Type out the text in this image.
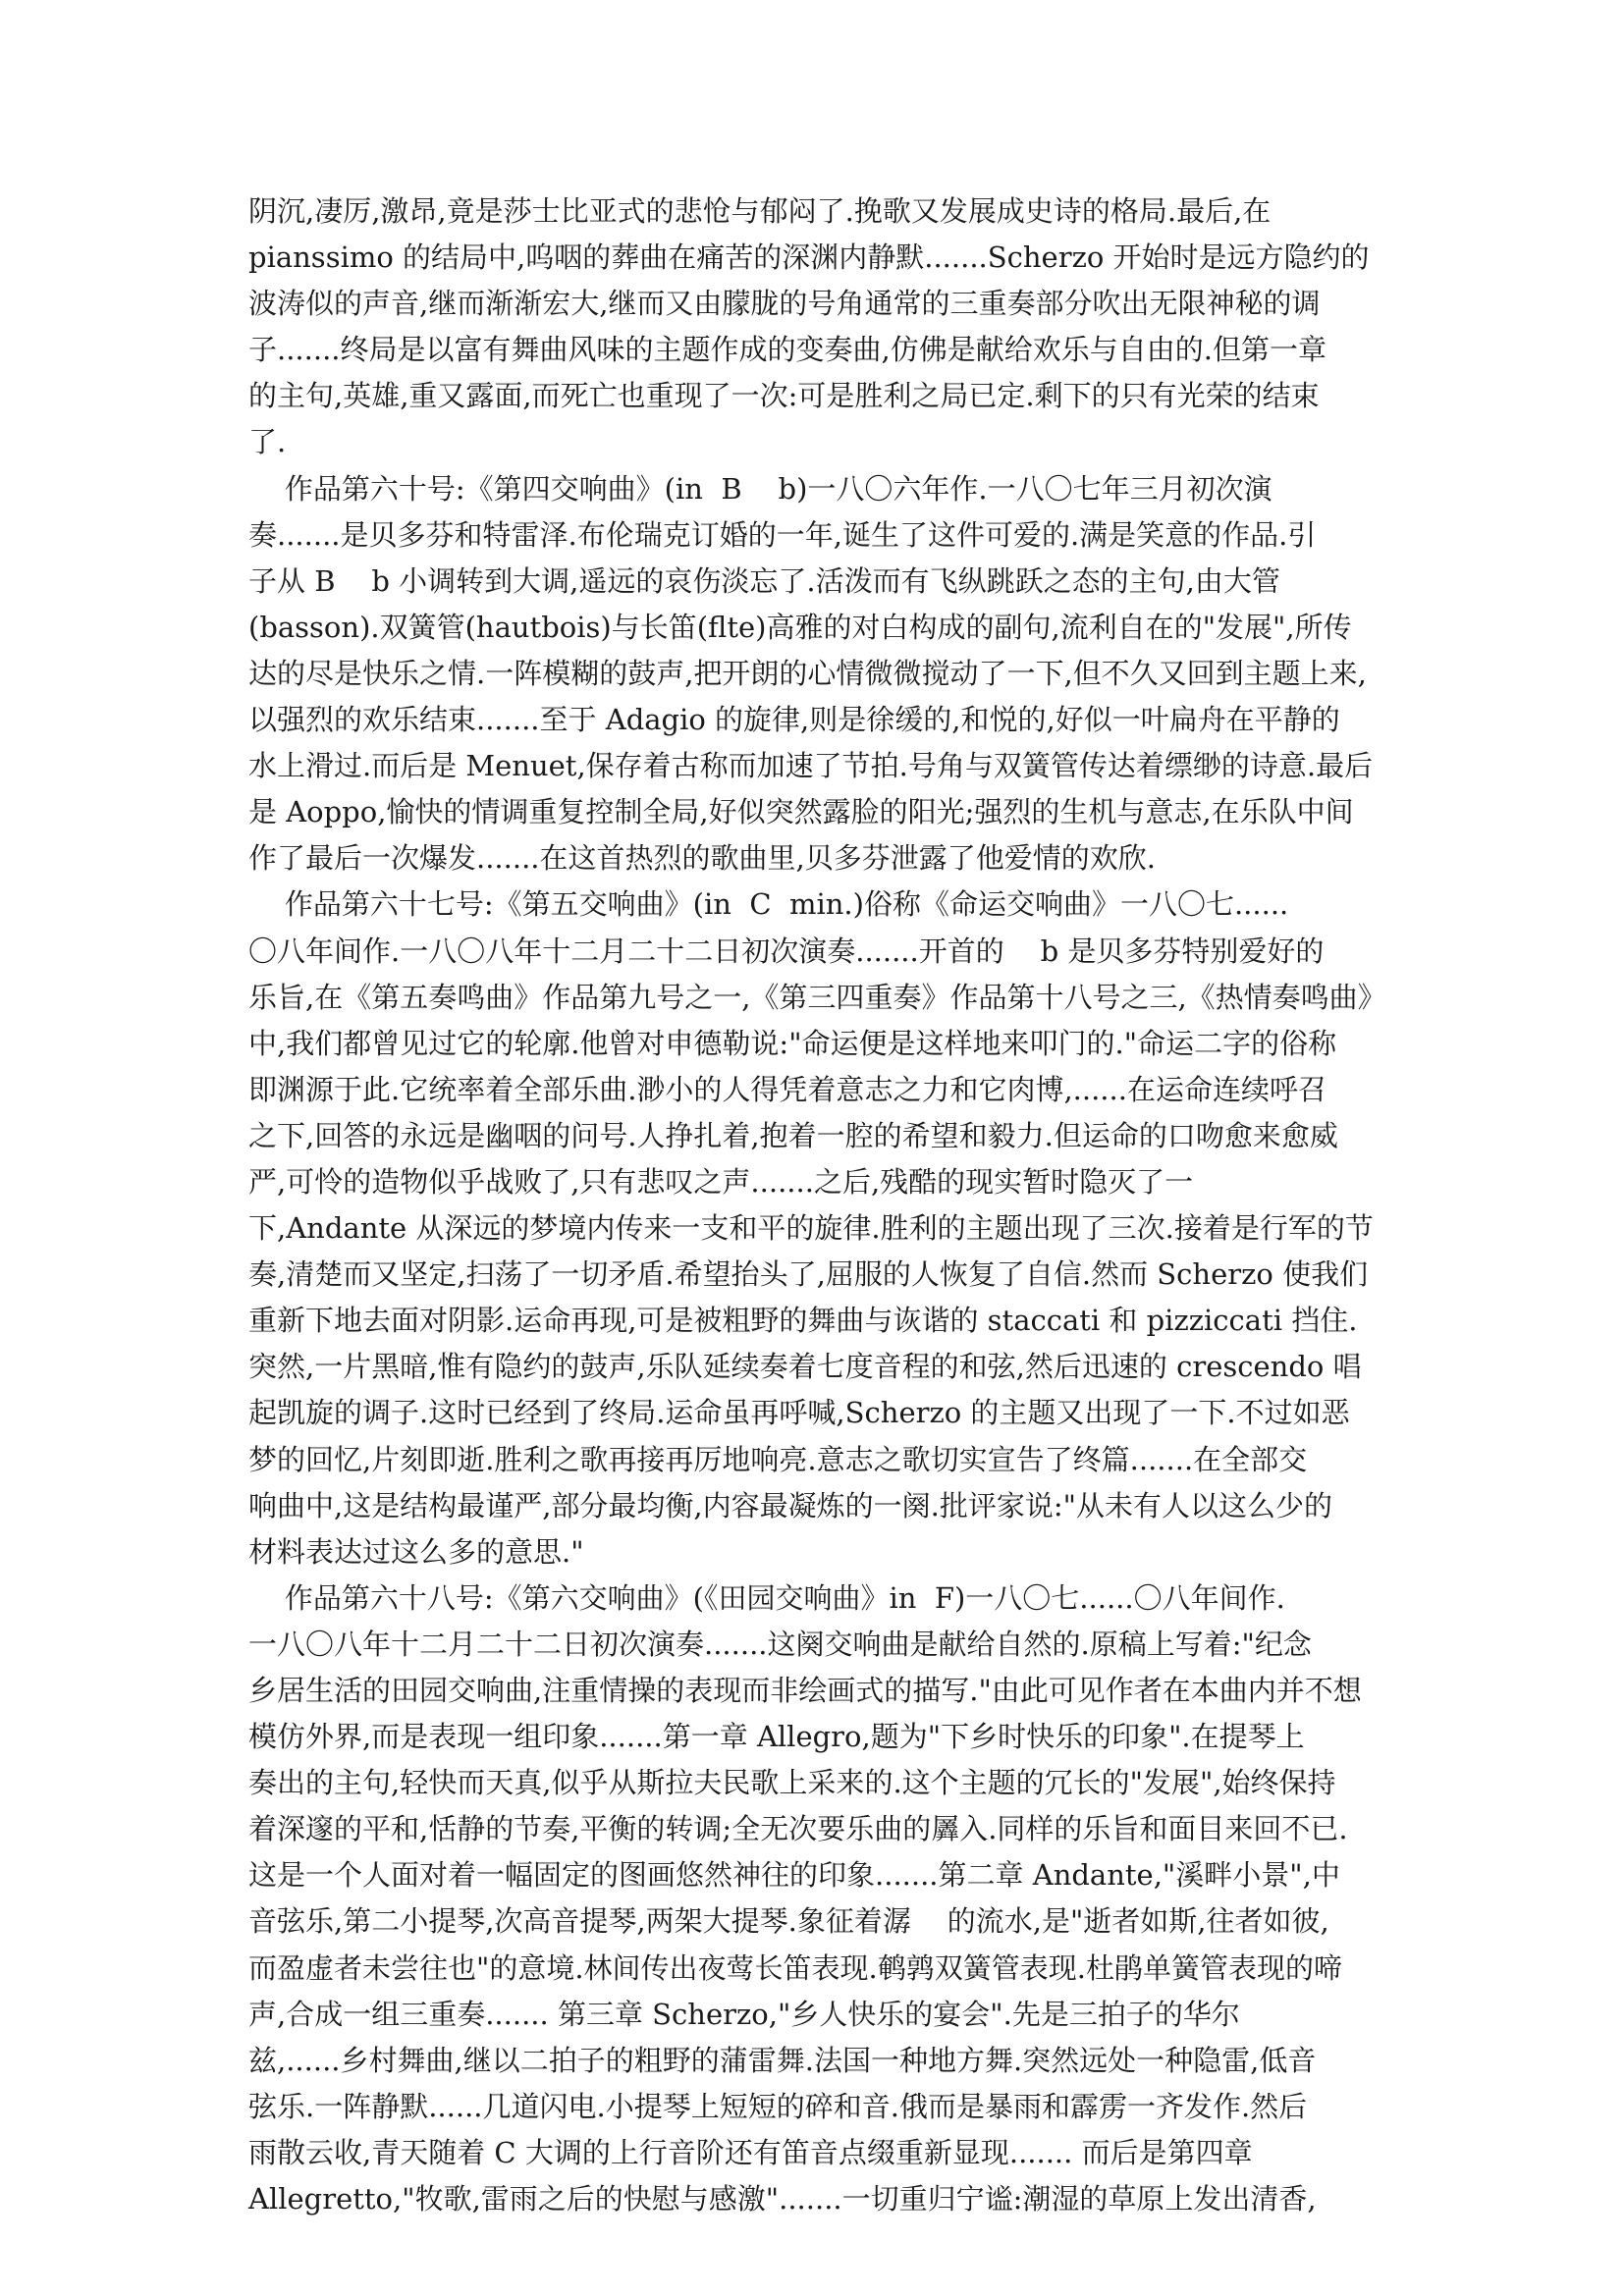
阴沉,凄厉,激昂,竟是莎士比亚式的悲怆与郁闷了.挽歌又发展成史诗的格局.最后,在
pianssimo 的结局中,呜咽的葬曲在痛苦的深渊内静默.......Scherzo 开始时是远方隐约的
波涛似的声音,继而渐渐宏大,继而又由朦胧的号角通常的三重奏部分吹出无限神秘的调
子.......终局是以富有舞曲风味的主题作成的变奏曲,仿佛是献给欢乐与自由的.但第一章
的主句,英雄,重又露面,而死亡也重现了一次:可是胜利之局已定.剩下的只有光荣的结束
了.
作品第六十号:《第四交响曲》(in  B    b)一八〇六年作.一八〇七年三月初次演
奏.......是贝多芬和特雷泽.布伦瑞克订婚的一年,诞生了这件可爱的.满是笑意的作品.引
子从 B    b 小调转到大调,遥远的哀伤淡忘了.活泼而有飞纵跳跃之态的主句,由大管
(basson).双簧管(hautbois)与长笛(flte)高雅的对白构成的副句,流利自在的"发展",所传
达的尽是快乐之情.一阵模糊的鼓声,把开朗的心情微微搅动了一下,但不久又回到主题上来,
以强烈的欢乐结束.......至于 Adagio 的旋律,则是徐缓的,和悦的,好似一叶扁舟在平静的
水上滑过.而后是 Menuet,保存着古称而加速了节拍.号角与双簧管传达着缥缈的诗意.最后
是 Aoppo,愉快的情调重复控制全局,好似突然露脸的阳光;强烈的生机与意志,在乐队中间
作了最后一次爆发.......在这首热烈的歌曲里,贝多芬泄露了他爱情的欢欣.
作品第六十七号:《第五交响曲》(in  C  min.)俗称《命运交响曲》一八〇七......
〇八年间作.一八〇八年十二月二十二日初次演奏.......开首的    b 是贝多芬特别爱好的
乐旨,在《第五奏鸣曲》作品第九号之一,《第三四重奏》作品第十八号之三,《热情奏鸣曲》
中,我们都曾见过它的轮廓.他曾对申德勒说:"命运便是这样地来叩门的."命运二字的俗称
即渊源于此.它统率着全部乐曲.渺小的人得凭着意志之力和它肉博,......在运命连续呼召
之下,回答的永远是幽咽的问号.人挣扎着,抱着一腔的希望和毅力.但运命的口吻愈来愈威
严,可怜的造物似乎战败了,只有悲叹之声.......之后,残酷的现实暂时隐灭了一
下,Andante 从深远的梦境内传来一支和平的旋律.胜利的主题出现了三次.接着是行军的节
奏,清楚而又坚定,扫荡了一切矛盾.希望抬头了,屈服的人恢复了自信.然而 Scherzo 使我们
重新下地去面对阴影.运命再现,可是被粗野的舞曲与诙谐的 staccati 和 pizziccati 挡住.
突然,一片黑暗,惟有隐约的鼓声,乐队延续奏着七度音程的和弦,然后迅速的 crescendo 唱
起凯旋的调子.这时已经到了终局.运命虽再呼喊,Scherzo 的主题又出现了一下.不过如恶
梦的回忆,片刻即逝.胜利之歌再接再厉地响亮.意志之歌切实宣告了终篇.......在全部交
响曲中,这是结构最谨严,部分最均衡,内容最凝炼的一阕.批评家说:"从未有人以这么少的
材料表达过这么多的意思."
作品第六十八号:《第六交响曲》(《田园交响曲》in  F)一八〇七......〇八年间作.
一八〇八年十二月二十二日初次演奏.......这阕交响曲是献给自然的.原稿上写着:"纪念
乡居生活的田园交响曲,注重情操的表现而非绘画式的描写."由此可见作者在本曲内并不想
模仿外界,而是表现一组印象.......第一章 Allegro,题为"下乡时快乐的印象".在提琴上
奏出的主句,轻快而天真,似乎从斯拉夫民歌上采来的.这个主题的冗长的"发展",始终保持
着深邃的平和,恬静的节奏,平衡的转调;全无次要乐曲的羼入.同样的乐旨和面目来回不已.
这是一个人面对着一幅固定的图画悠然神往的印象.......第二章 Andante,"溪畔小景",中
音弦乐,第二小提琴,次高音提琴,两架大提琴.象征着潺    的流水,是"逝者如斯,往者如彼,
而盈虚者未尝往也"的意境.林间传出夜莺长笛表现.鹌鹑双簧管表现.杜鹃单簧管表现的啼
声,合成一组三重奏....... 第三章 Scherzo,"乡人快乐的宴会".先是三拍子的华尔
兹,......乡村舞曲,继以二拍子的粗野的蒲雷舞.法国一种地方舞.突然远处一种隐雷,低音
弦乐.一阵静默......几道闪电.小提琴上短短的碎和音.俄而是暴雨和霹雳一齐发作.然后
雨散云收,青天随着 C 大调的上行音阶还有笛音点缀重新显现....... 而后是第四章
Allegretto,"牧歌,雷雨之后的快慰与感激".......一切重归宁谧:潮湿的草原上发出清香,
